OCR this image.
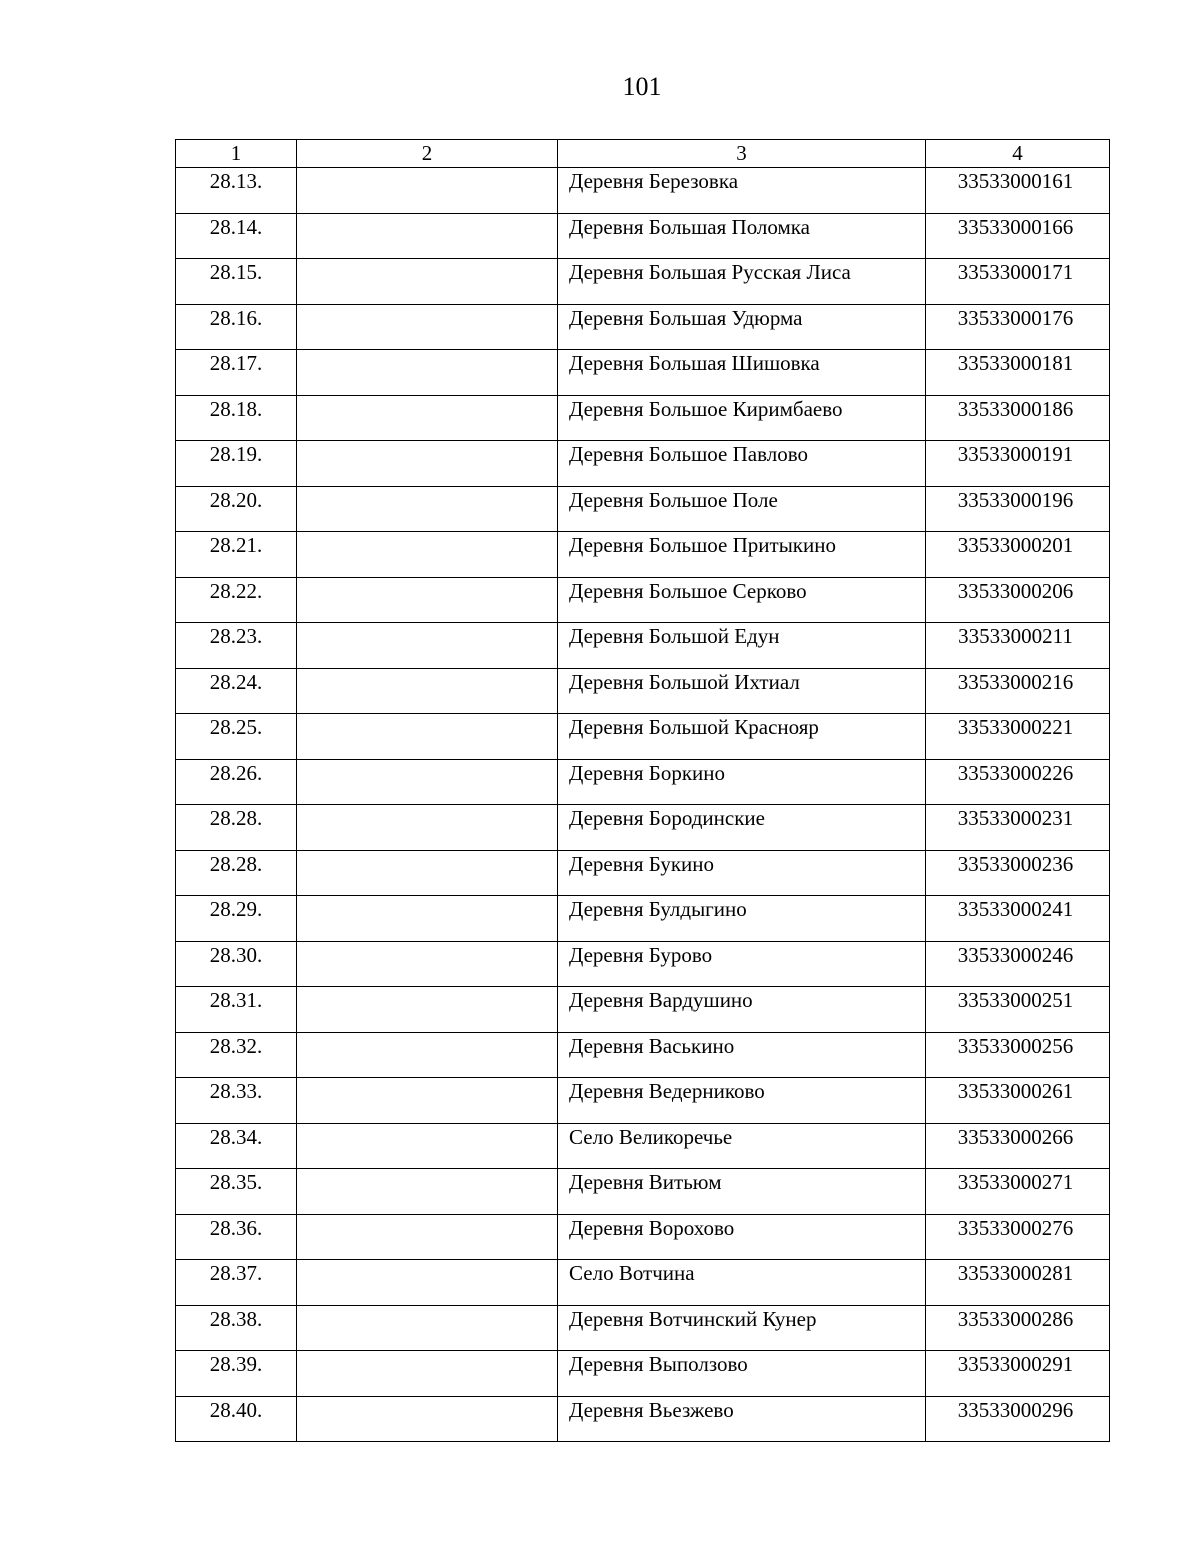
101
1	2	3	4
28.13.		Деревня Березовка	33533000161
28.14.		Деревня Большая Поломка	33533000166
28.15.		Деревня Большая Русская Лиса	33533000171
28.16.		Деревня Большая Удюрма	33533000176
28.17.		Деревня Большая Шишовка	33533000181
28.18.		Деревня Большое Киримбаево	33533000186
28.19.		Деревня Большое Павлово	33533000191
28.20.		Деревня Большое Поле	33533000196
28.21.		Деревня Большое Притыкино	33533000201
28.22.		Деревня Большое Серково	33533000206
28.23.		Деревня Большой Едун	33533000211
28.24.		Деревня Большой Ихтиал	33533000216
28.25.		Деревня Большой Краснояр	33533000221
28.26.		Деревня Боркино	33533000226
28.28.		Деревня Бородинские	33533000231
28.28.		Деревня Букино	33533000236
28.29.		Деревня Булдыгино	33533000241
28.30.		Деревня Бурово	33533000246
28.31.		Деревня Вардушино	33533000251
28.32.		Деревня Васькино	33533000256
28.33.		Деревня Ведерниково	33533000261
28.34.		Село Великоречье	33533000266
28.35.		Деревня Витьюм	33533000271
28.36.		Деревня Ворохово	33533000276
28.37.		Село Вотчина	33533000281
28.38.		Деревня Вотчинский Кунер	33533000286
28.39.		Деревня Выползово	33533000291
28.40.		Деревня Вьезжево	33533000296
